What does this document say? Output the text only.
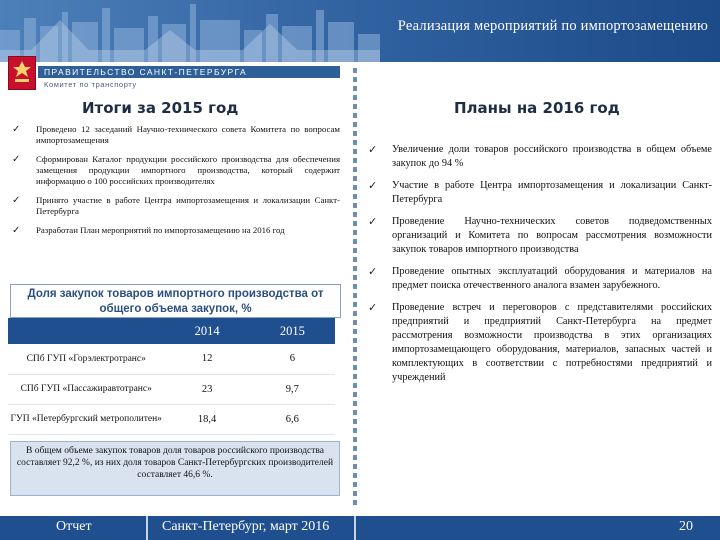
Реализация мероприятий по импортозамещению
ПРАВИТЕЛЬСТВО САНКТ-ПЕТЕРБУРГА
Комитет по транспорту
Итоги за 2015 год
✓ Проведено 12 заседаний Научно-технического совета Комитета по вопросам импортозамещения
✓ Сформирован Каталог продукции российского производства для обеспечения замещения продукции импортного производства, который содержит информацию о 100 российских производителях
✓ Принято участие в работе Центра импортозамещения и локализации Санкт-Петербурга
✓ Разработан План мероприятий по импортозамещению на 2016 год
Доля закупок товаров импортного производства от общего объема закупок, %
	2014	2015
СПб ГУП «Горэлектротранс»	12	6
СПб ГУП «Пассажиравтотранс»	23	9,7
ГУП «Петербургский метрополитен»	18,4	6,6
В общем объеме закупок товаров доля товаров российского производства составляет 92,2 %, из них доля товаров Санкт-Петербургских производителей составляет 46,6 %.
Планы на 2016 год
✓ Увеличение доли товаров российского производства в общем объеме закупок до 94 %
✓ Участие в работе Центра импортозамещения и локализации Санкт-Петербурга
✓ Проведение Научно-технических советов подведомственных организаций и Комитета по вопросам рассмотрения возможности закупок товаров импортного производства
✓ Проведение опытных эксплуатаций оборудования и материалов на предмет поиска отечественного аналога взамен зарубежного.
✓ Проведение встреч и переговоров с представителями российских предприятий и предприятий Санкт-Петербурга на предмет рассмотрения возможности производства в этих организациях импортозамещающего оборудования, материалов, запасных частей и комплектующих в соответствии с потребностями предприятий и учреждений
Отчет	Санкт-Петербург, март 2016	20
